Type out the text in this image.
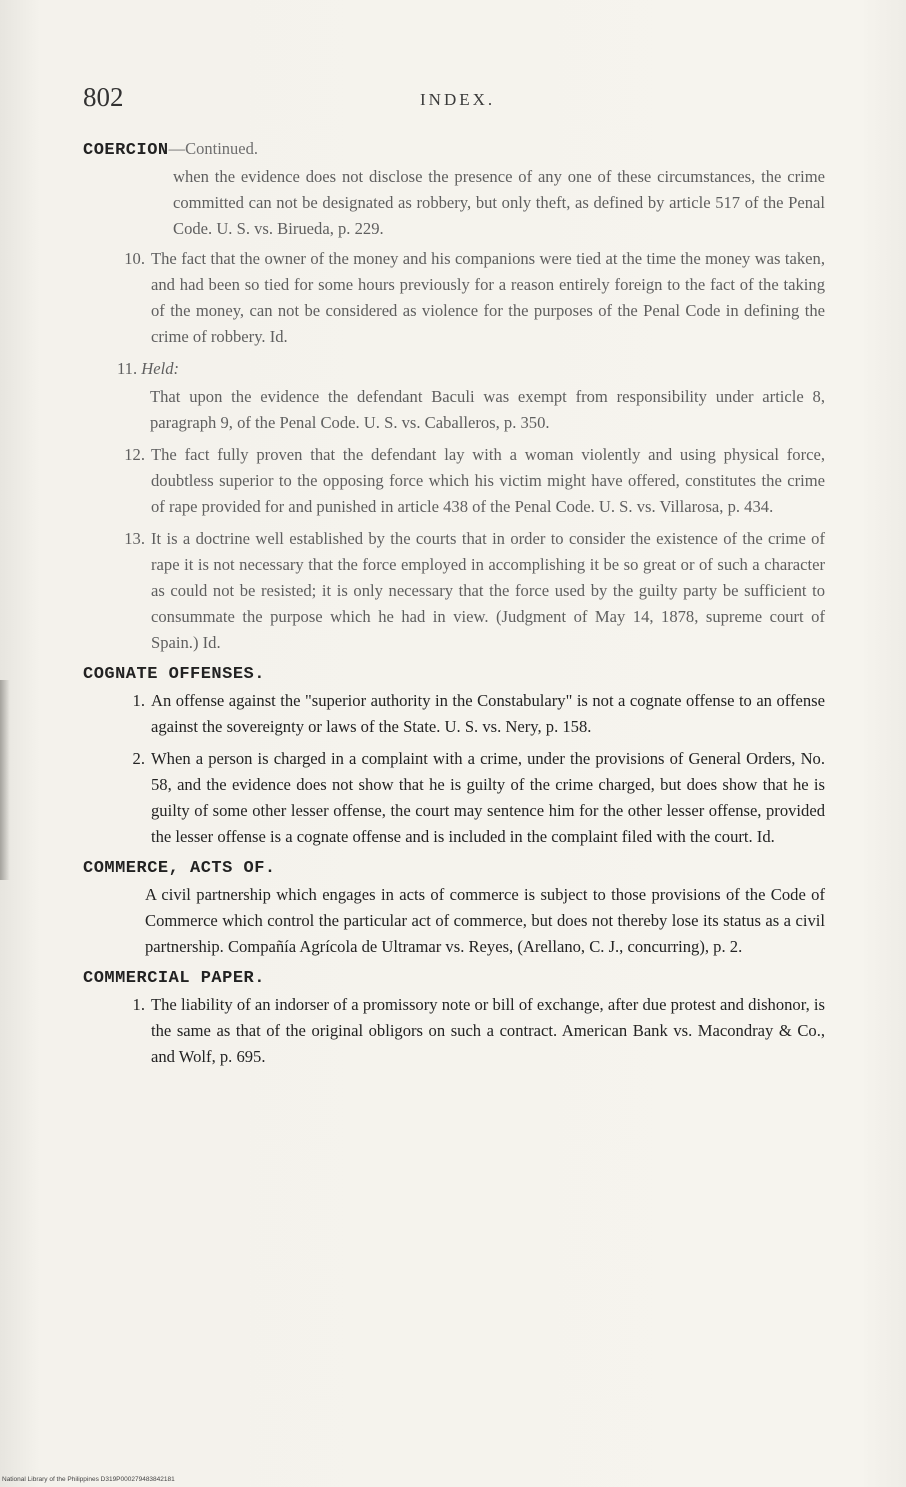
802	INDEX.

COERCION—Continued.

when the evidence does not disclose the presence of any one of these circumstances, the crime committed can not be designated as robbery, but only theft, as defined by article 517 of the Penal Code. U. S. vs. Birueda, p. 229.

10. The fact that the owner of the money and his companions were tied at the time the money was taken, and had been so tied for some hours previously for a reason entirely foreign to the fact of the taking of the money, can not be considered as violence for the purposes of the Penal Code in defining the crime of robbery. Id.
11. Held:

That upon the evidence the defendant Baculi was exempt from responsibility under article 8, paragraph 9, of the Penal Code. U. S. vs. Caballeros, p. 350.

12. The fact fully proven that the defendant lay with a woman violently and using physical force, doubtless superior to the opposing force which his victim might have offered, constitutes the crime of rape provided for and punished in article 438 of the Penal Code. U. S. vs. Villarosa, p. 434.
13. It is a doctrine well established by the courts that in order to consider the existence of the crime of rape it is not necessary that the force employed in accomplishing it be so great or of such a character as could not be resisted; it is only necessary that the force used by the guilty party be sufficient to consummate the purpose which he had in view. (Judgment of May 14, 1878, supreme court of Spain.) Id.

COGNATE OFFENSES.

1. An offense against the "superior authority in the Constabulary" is not a cognate offense to an offense against the sovereignty or laws of the State. U. S. vs. Nery, p. 158.
2. When a person is charged in a complaint with a crime, under the provisions of General Orders, No. 58, and the evidence does not show that he is guilty of the crime charged, but does show that he is guilty of some other lesser offense, the court may sentence him for the other lesser offense, provided the lesser offense is a cognate offense and is included in the complaint filed with the court. Id.

COMMERCE, ACTS OF.

A civil partnership which engages in acts of commerce is subject to those provisions of the Code of Commerce which control the particular act of commerce, but does not thereby lose its status as a civil partnership. Compañía Agrícola de Ultramar vs. Reyes, (Arellano, C. J., concurring), p. 2.

COMMERCIAL PAPER.

1. The liability of an indorser of a promissory note or bill of exchange, after due protest and dishonor, is the same as that of the original obligors on such a contract. American Bank vs. Macondray & Co., and Wolf, p. 695.
National Library of the Philippines D319P000279483842181
